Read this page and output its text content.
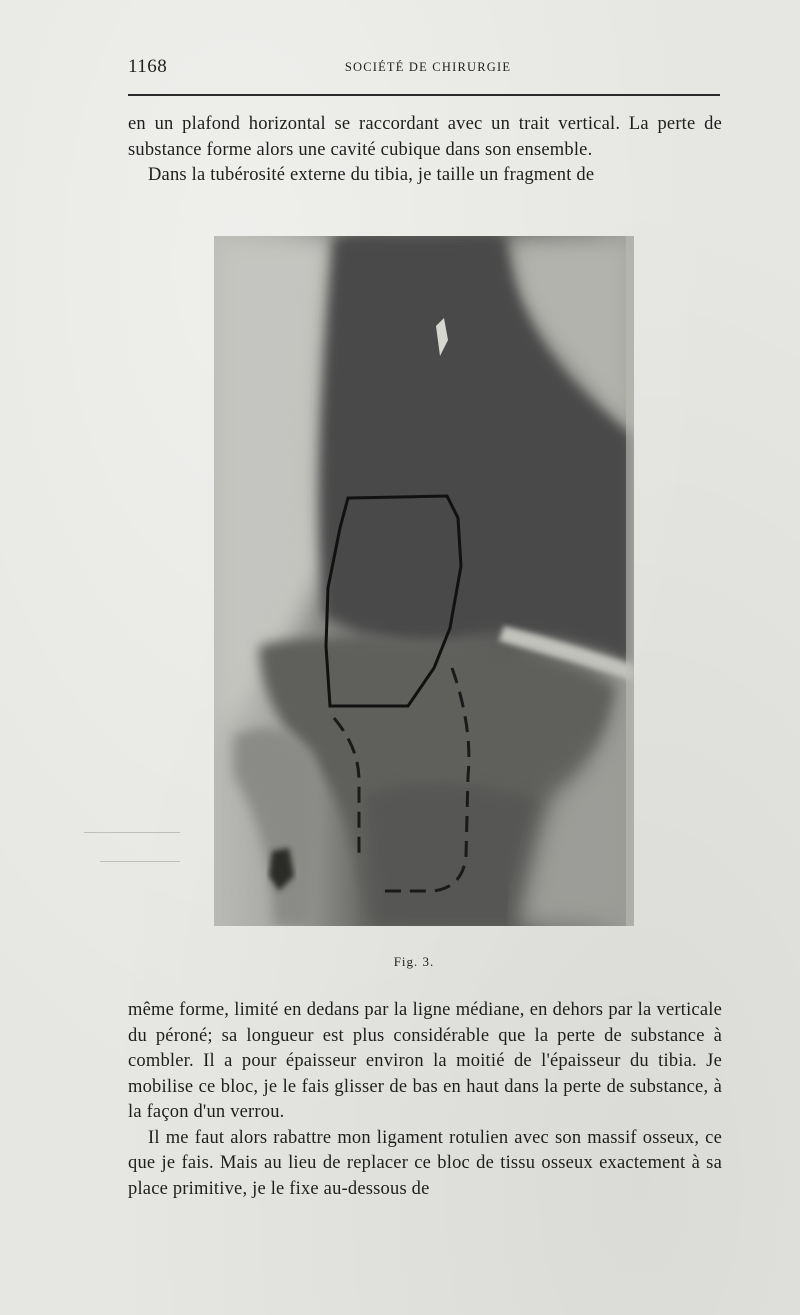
1168	SOCIÉTÉ DE CHIRURGIE

en un plafond horizontal se raccordant avec un trait vertical. La perte de substance forme alors une cavité cubique dans son ensemble.

Dans la tubérosité externe du tibia, je taille un fragment de

Fig. 3.

même forme, limité en dedans par la ligne médiane, en dehors par la verticale du péroné; sa longueur est plus considérable que la perte de substance à combler. Il a pour épaisseur environ la moitié de l'épaisseur du tibia. Je mobilise ce bloc, je le fais glisser de bas en haut dans la perte de substance, à la façon d'un verrou.

Il me faut alors rabattre mon ligament rotulien avec son massif osseux, ce que je fais. Mais au lieu de replacer ce bloc de tissu osseux exactement à sa place primitive, je le fixe au-dessous de
